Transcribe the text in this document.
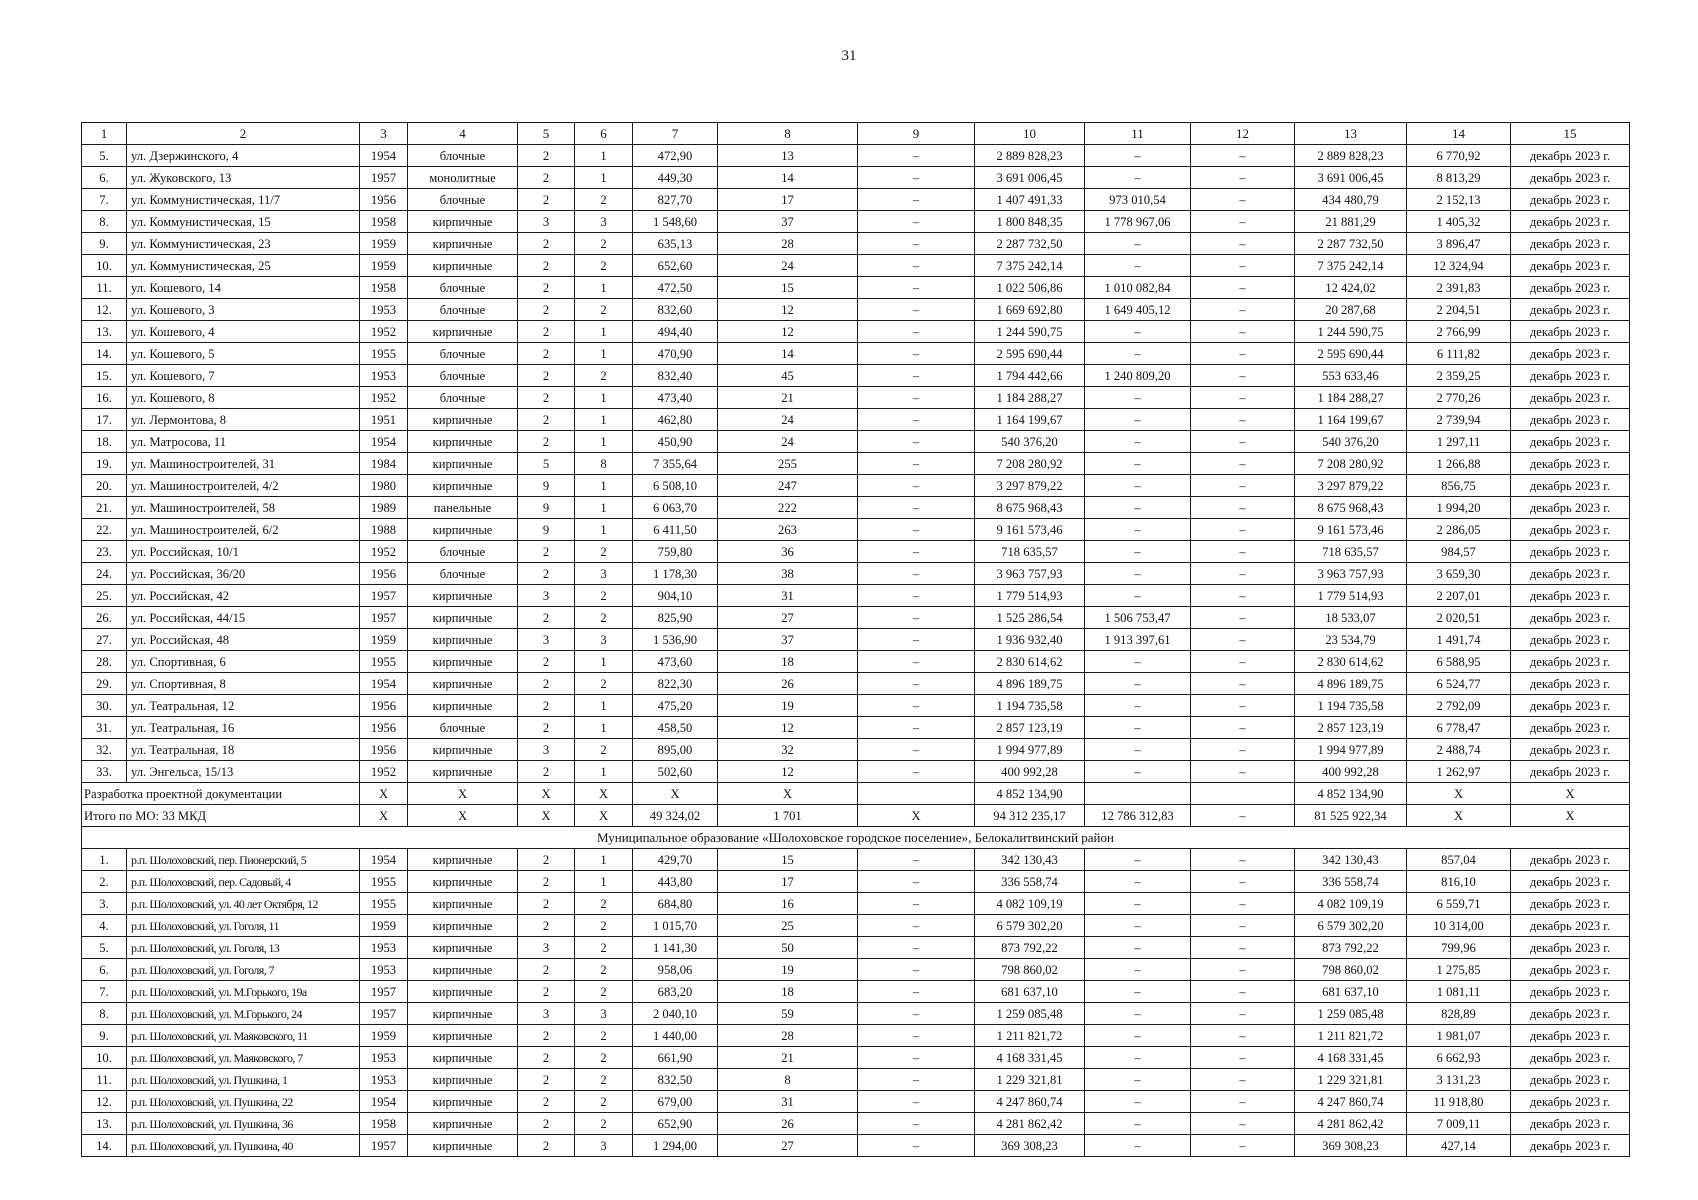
31
1	2	3	4	5	6	7	8	9	10	11	12	13	14	15
5.	ул. Дзержинского, 4	1954	блочные	2	1	472,90	13	–	2 889 828,23	–	–	2 889 828,23	6 770,92	декабрь 2023 г.
6.	ул. Жуковского, 13	1957	монолитные	2	1	449,30	14	–	3 691 006,45	–	–	3 691 006,45	8 813,29	декабрь 2023 г.
7.	ул. Коммунистическая, 11/7	1956	блочные	2	2	827,70	17	–	1 407 491,33	973 010,54	–	434 480,79	2 152,13	декабрь 2023 г.
8.	ул. Коммунистическая, 15	1958	кирпичные	3	3	1 548,60	37	–	1 800 848,35	1 778 967,06	–	21 881,29	1 405,32	декабрь 2023 г.
9.	ул. Коммунистическая, 23	1959	кирпичные	2	2	635,13	28	–	2 287 732,50	–	–	2 287 732,50	3 896,47	декабрь 2023 г.
10.	ул. Коммунистическая, 25	1959	кирпичные	2	2	652,60	24	–	7 375 242,14	–	–	7 375 242,14	12 324,94	декабрь 2023 г.
11.	ул. Кошевого, 14	1958	блочные	2	1	472,50	15	–	1 022 506,86	1 010 082,84	–	12 424,02	2 391,83	декабрь 2023 г.
12.	ул. Кошевого, 3	1953	блочные	2	2	832,60	12	–	1 669 692,80	1 649 405,12	–	20 287,68	2 204,51	декабрь 2023 г.
13.	ул. Кошевого, 4	1952	кирпичные	2	1	494,40	12	–	1 244 590,75	–	–	1 244 590,75	2 766,99	декабрь 2023 г.
14.	ул. Кошевого, 5	1955	блочные	2	1	470,90	14	–	2 595 690,44	–	–	2 595 690,44	6 111,82	декабрь 2023 г.
15.	ул. Кошевого, 7	1953	блочные	2	2	832,40	45	–	1 794 442,66	1 240 809,20	–	553 633,46	2 359,25	декабрь 2023 г.
16.	ул. Кошевого, 8	1952	блочные	2	1	473,40	21	–	1 184 288,27	–	–	1 184 288,27	2 770,26	декабрь 2023 г.
17.	ул. Лермонтова, 8	1951	кирпичные	2	1	462,80	24	–	1 164 199,67	–	–	1 164 199,67	2 739,94	декабрь 2023 г.
18.	ул. Матросова, 11	1954	кирпичные	2	1	450,90	24	–	540 376,20	–	–	540 376,20	1 297,11	декабрь 2023 г.
19.	ул. Машиностроителей, 31	1984	кирпичные	5	8	7 355,64	255	–	7 208 280,92	–	–	7 208 280,92	1 266,88	декабрь 2023 г.
20.	ул. Машиностроителей, 4/2	1980	кирпичные	9	1	6 508,10	247	–	3 297 879,22	–	–	3 297 879,22	856,75	декабрь 2023 г.
21.	ул. Машиностроителей, 58	1989	панельные	9	1	6 063,70	222	–	8 675 968,43	–	–	8 675 968,43	1 994,20	декабрь 2023 г.
22.	ул. Машиностроителей, 6/2	1988	кирпичные	9	1	6 411,50	263	–	9 161 573,46	–	–	9 161 573,46	2 286,05	декабрь 2023 г.
23.	ул. Российская, 10/1	1952	блочные	2	2	759,80	36	–	718 635,57	–	–	718 635,57	984,57	декабрь 2023 г.
24.	ул. Российская, 36/20	1956	блочные	2	3	1 178,30	38	–	3 963 757,93	–	–	3 963 757,93	3 659,30	декабрь 2023 г.
25.	ул. Российская, 42	1957	кирпичные	3	2	904,10	31	–	1 779 514,93	–	–	1 779 514,93	2 207,01	декабрь 2023 г.
26.	ул. Российская, 44/15	1957	кирпичные	2	2	825,90	27	–	1 525 286,54	1 506 753,47	–	18 533,07	2 020,51	декабрь 2023 г.
27.	ул. Российская, 48	1959	кирпичные	3	3	1 536,90	37	–	1 936 932,40	1 913 397,61	–	23 534,79	1 491,74	декабрь 2023 г.
28.	ул. Спортивная, 6	1955	кирпичные	2	1	473,60	18	–	2 830 614,62	–	–	2 830 614,62	6 588,95	декабрь 2023 г.
29.	ул. Спортивная, 8	1954	кирпичные	2	2	822,30	26	–	4 896 189,75	–	–	4 896 189,75	6 524,77	декабрь 2023 г.
30.	ул. Театральная, 12	1956	кирпичные	2	1	475,20	19	–	1 194 735,58	–	–	1 194 735,58	2 792,09	декабрь 2023 г.
31.	ул. Театральная, 16	1956	блочные	2	1	458,50	12	–	2 857 123,19	–	–	2 857 123,19	6 778,47	декабрь 2023 г.
32.	ул. Театральная, 18	1956	кирпичные	3	2	895,00	32	–	1 994 977,89	–	–	1 994 977,89	2 488,74	декабрь 2023 г.
33.	ул. Энгельса, 15/13	1952	кирпичные	2	1	502,60	12	–	400 992,28	–	–	400 992,28	1 262,97	декабрь 2023 г.
Разработка проектной документации		X	X	X	X	X	X		4 852 134,90			4 852 134,90	X	X
Итого по МО: 33 МКД		X	X	X	X	49 324,02	1 701	X	94 312 235,17	12 786 312,83	–	81 525 922,34	X	X
Муниципальное образование «Шолоховское городское поселение», Белокалитвинский район														
1.	р.п. Шолоховский, пер. Пионерский, 5	1954	кирпичные	2	1	429,70	15	–	342 130,43	–	–	342 130,43	857,04	декабрь 2023 г.
2.	р.п. Шолоховский, пер. Садовый, 4	1955	кирпичные	2	1	443,80	17	–	336 558,74	–	–	336 558,74	816,10	декабрь 2023 г.
3.	р.п. Шолоховский, ул. 40 лет Октября, 12	1955	кирпичные	2	2	684,80	16	–	4 082 109,19	–	–	4 082 109,19	6 559,71	декабрь 2023 г.
4.	р.п. Шолоховский, ул. Гоголя, 11	1959	кирпичные	2	2	1 015,70	25	–	6 579 302,20	–	–	6 579 302,20	10 314,00	декабрь 2023 г.
5.	р.п. Шолоховский, ул. Гоголя, 13	1953	кирпичные	3	2	1 141,30	50	–	873 792,22	–	–	873 792,22	799,96	декабрь 2023 г.
6.	р.п. Шолоховский, ул. Гоголя, 7	1953	кирпичные	2	2	958,06	19	–	798 860,02	–	–	798 860,02	1 275,85	декабрь 2023 г.
7.	р.п. Шолоховский, ул. М.Горького, 19а	1957	кирпичные	2	2	683,20	18	–	681 637,10	–	–	681 637,10	1 081,11	декабрь 2023 г.
8.	р.п. Шолоховский, ул. М.Горького, 24	1957	кирпичные	3	3	2 040,10	59	–	1 259 085,48	–	–	1 259 085,48	828,89	декабрь 2023 г.
9.	р.п. Шолоховский, ул. Маяковского, 11	1959	кирпичные	2	2	1 440,00	28	–	1 211 821,72	–	–	1 211 821,72	1 981,07	декабрь 2023 г.
10.	р.п. Шолоховский, ул. Маяковского, 7	1953	кирпичные	2	2	661,90	21	–	4 168 331,45	–	–	4 168 331,45	6 662,93	декабрь 2023 г.
11.	р.п. Шолоховский, ул. Пушкина, 1	1953	кирпичные	2	2	832,50	8	–	1 229 321,81	–	–	1 229 321,81	3 131,23	декабрь 2023 г.
12.	р.п. Шолоховский, ул. Пушкина, 22	1954	кирпичные	2	2	679,00	31	–	4 247 860,74	–	–	4 247 860,74	11 918,80	декабрь 2023 г.
13.	р.п. Шолоховский, ул. Пушкина, 36	1958	кирпичные	2	2	652,90	26	–	4 281 862,42	–	–	4 281 862,42	7 009,11	декабрь 2023 г.
14.	р.п. Шолоховский, ул. Пушкина, 40	1957	кирпичные	2	3	1 294,00	27	–	369 308,23	–	–	369 308,23	427,14	декабрь 2023 г.
